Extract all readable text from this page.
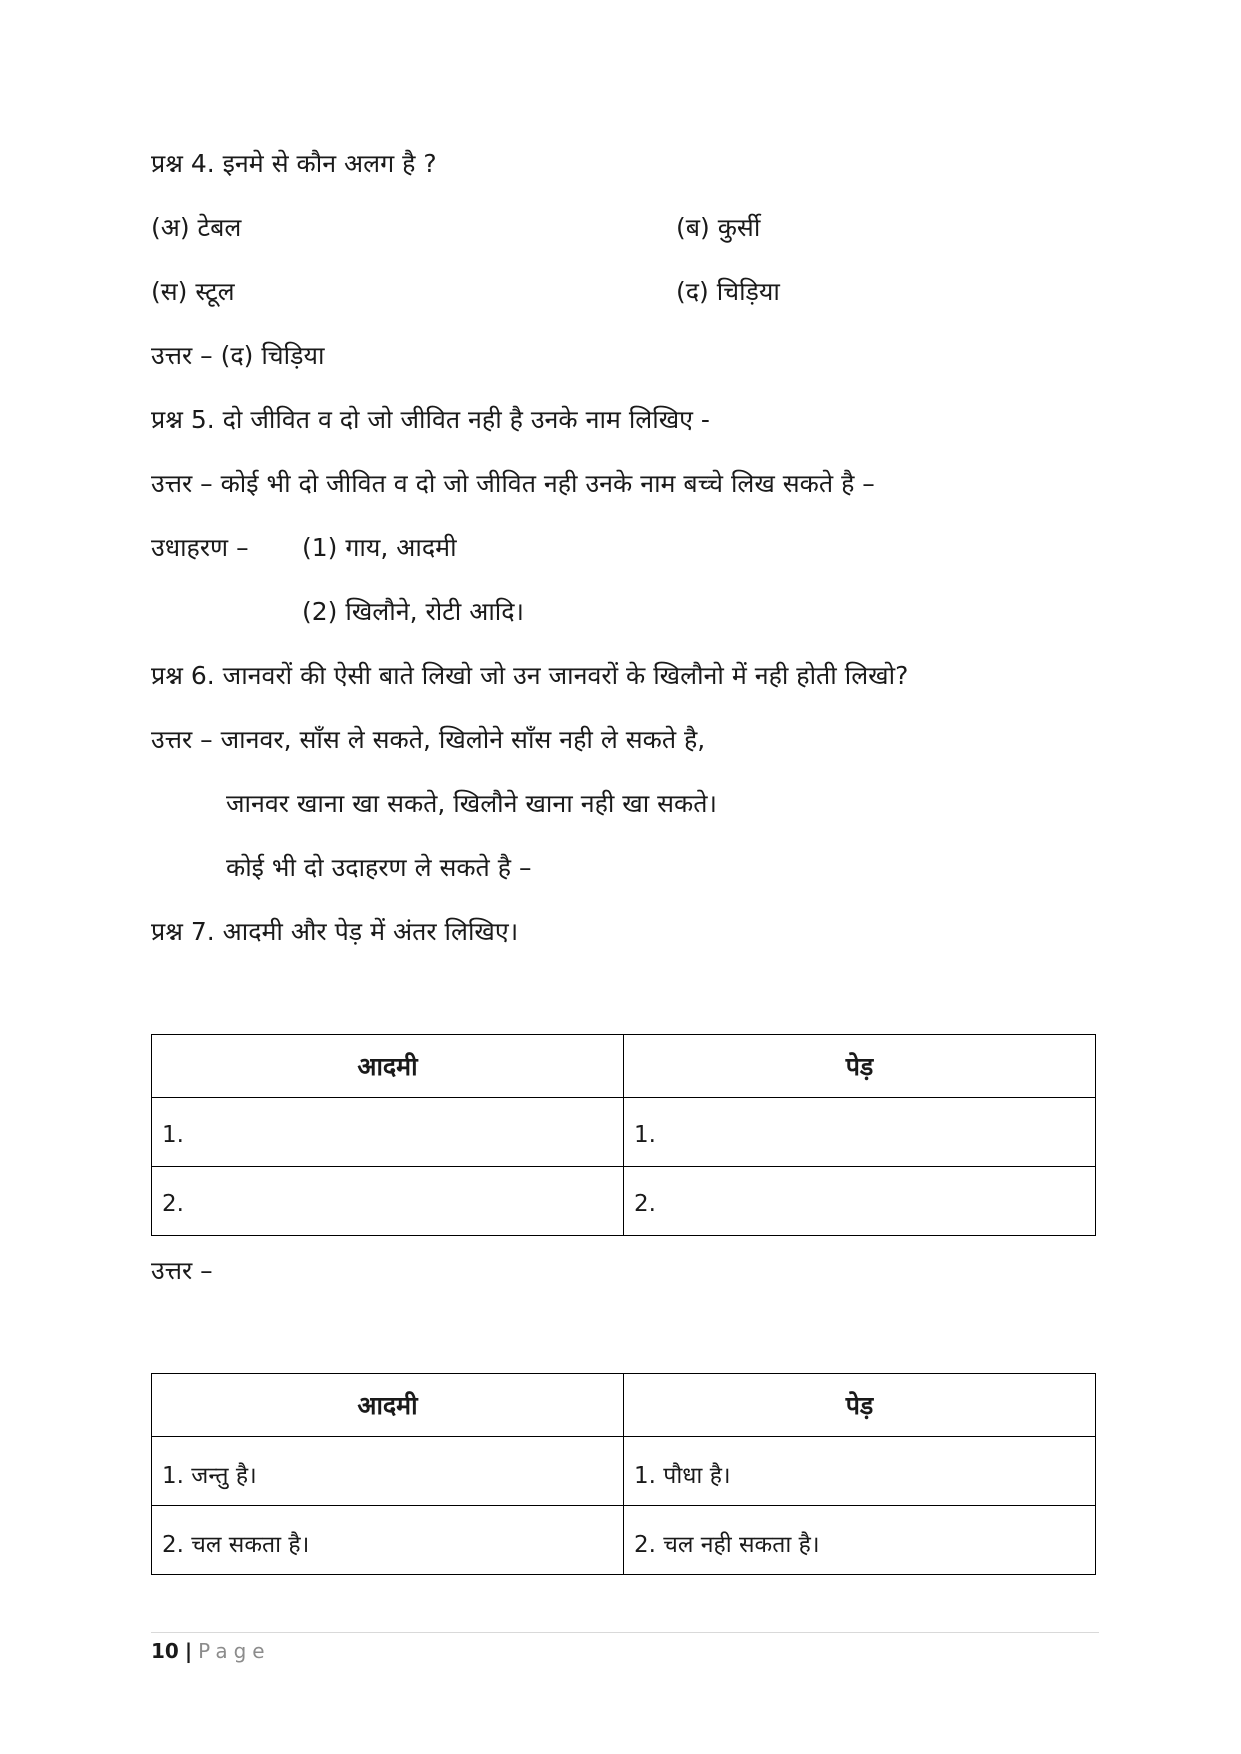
प्रश्न 4. इनमे से कौन अलग है ?
(अ) टेबल	(ब) कुर्सी
(स) स्टूल	(द) चिड़िया
उत्तर – (द) चिड़िया
प्रश्न 5. दो जीवित व दो जो जीवित नही है उनके नाम लिखिए -
उत्तर – कोई भी दो जीवित व दो जो जीवित नही उनके नाम बच्चे लिख सकते है –
उधाहरण – (1) गाय, आदमी
(2) खिलौने, रोटी आदि।
प्रश्न 6. जानवरों की ऐसी बाते लिखो जो उन जानवरों के खिलौनो में नही होती लिखो?
उत्तर – जानवर, साँस ले सकते, खिलोने साँस नही ले सकते है,
जानवर खाना खा सकते, खिलौने खाना नही खा सकते।
कोई भी दो उदाहरण ले सकते है –
प्रश्न 7. आदमी और पेड़ में अंतर लिखिए।
आदमी	पेड़
1.	1.
2.	2.
उत्तर –
आदमी	पेड़
1. जन्तु है।	1. पौधा है।
2. चल सकता है।	2. चल नही सकता है।
10 | Page
